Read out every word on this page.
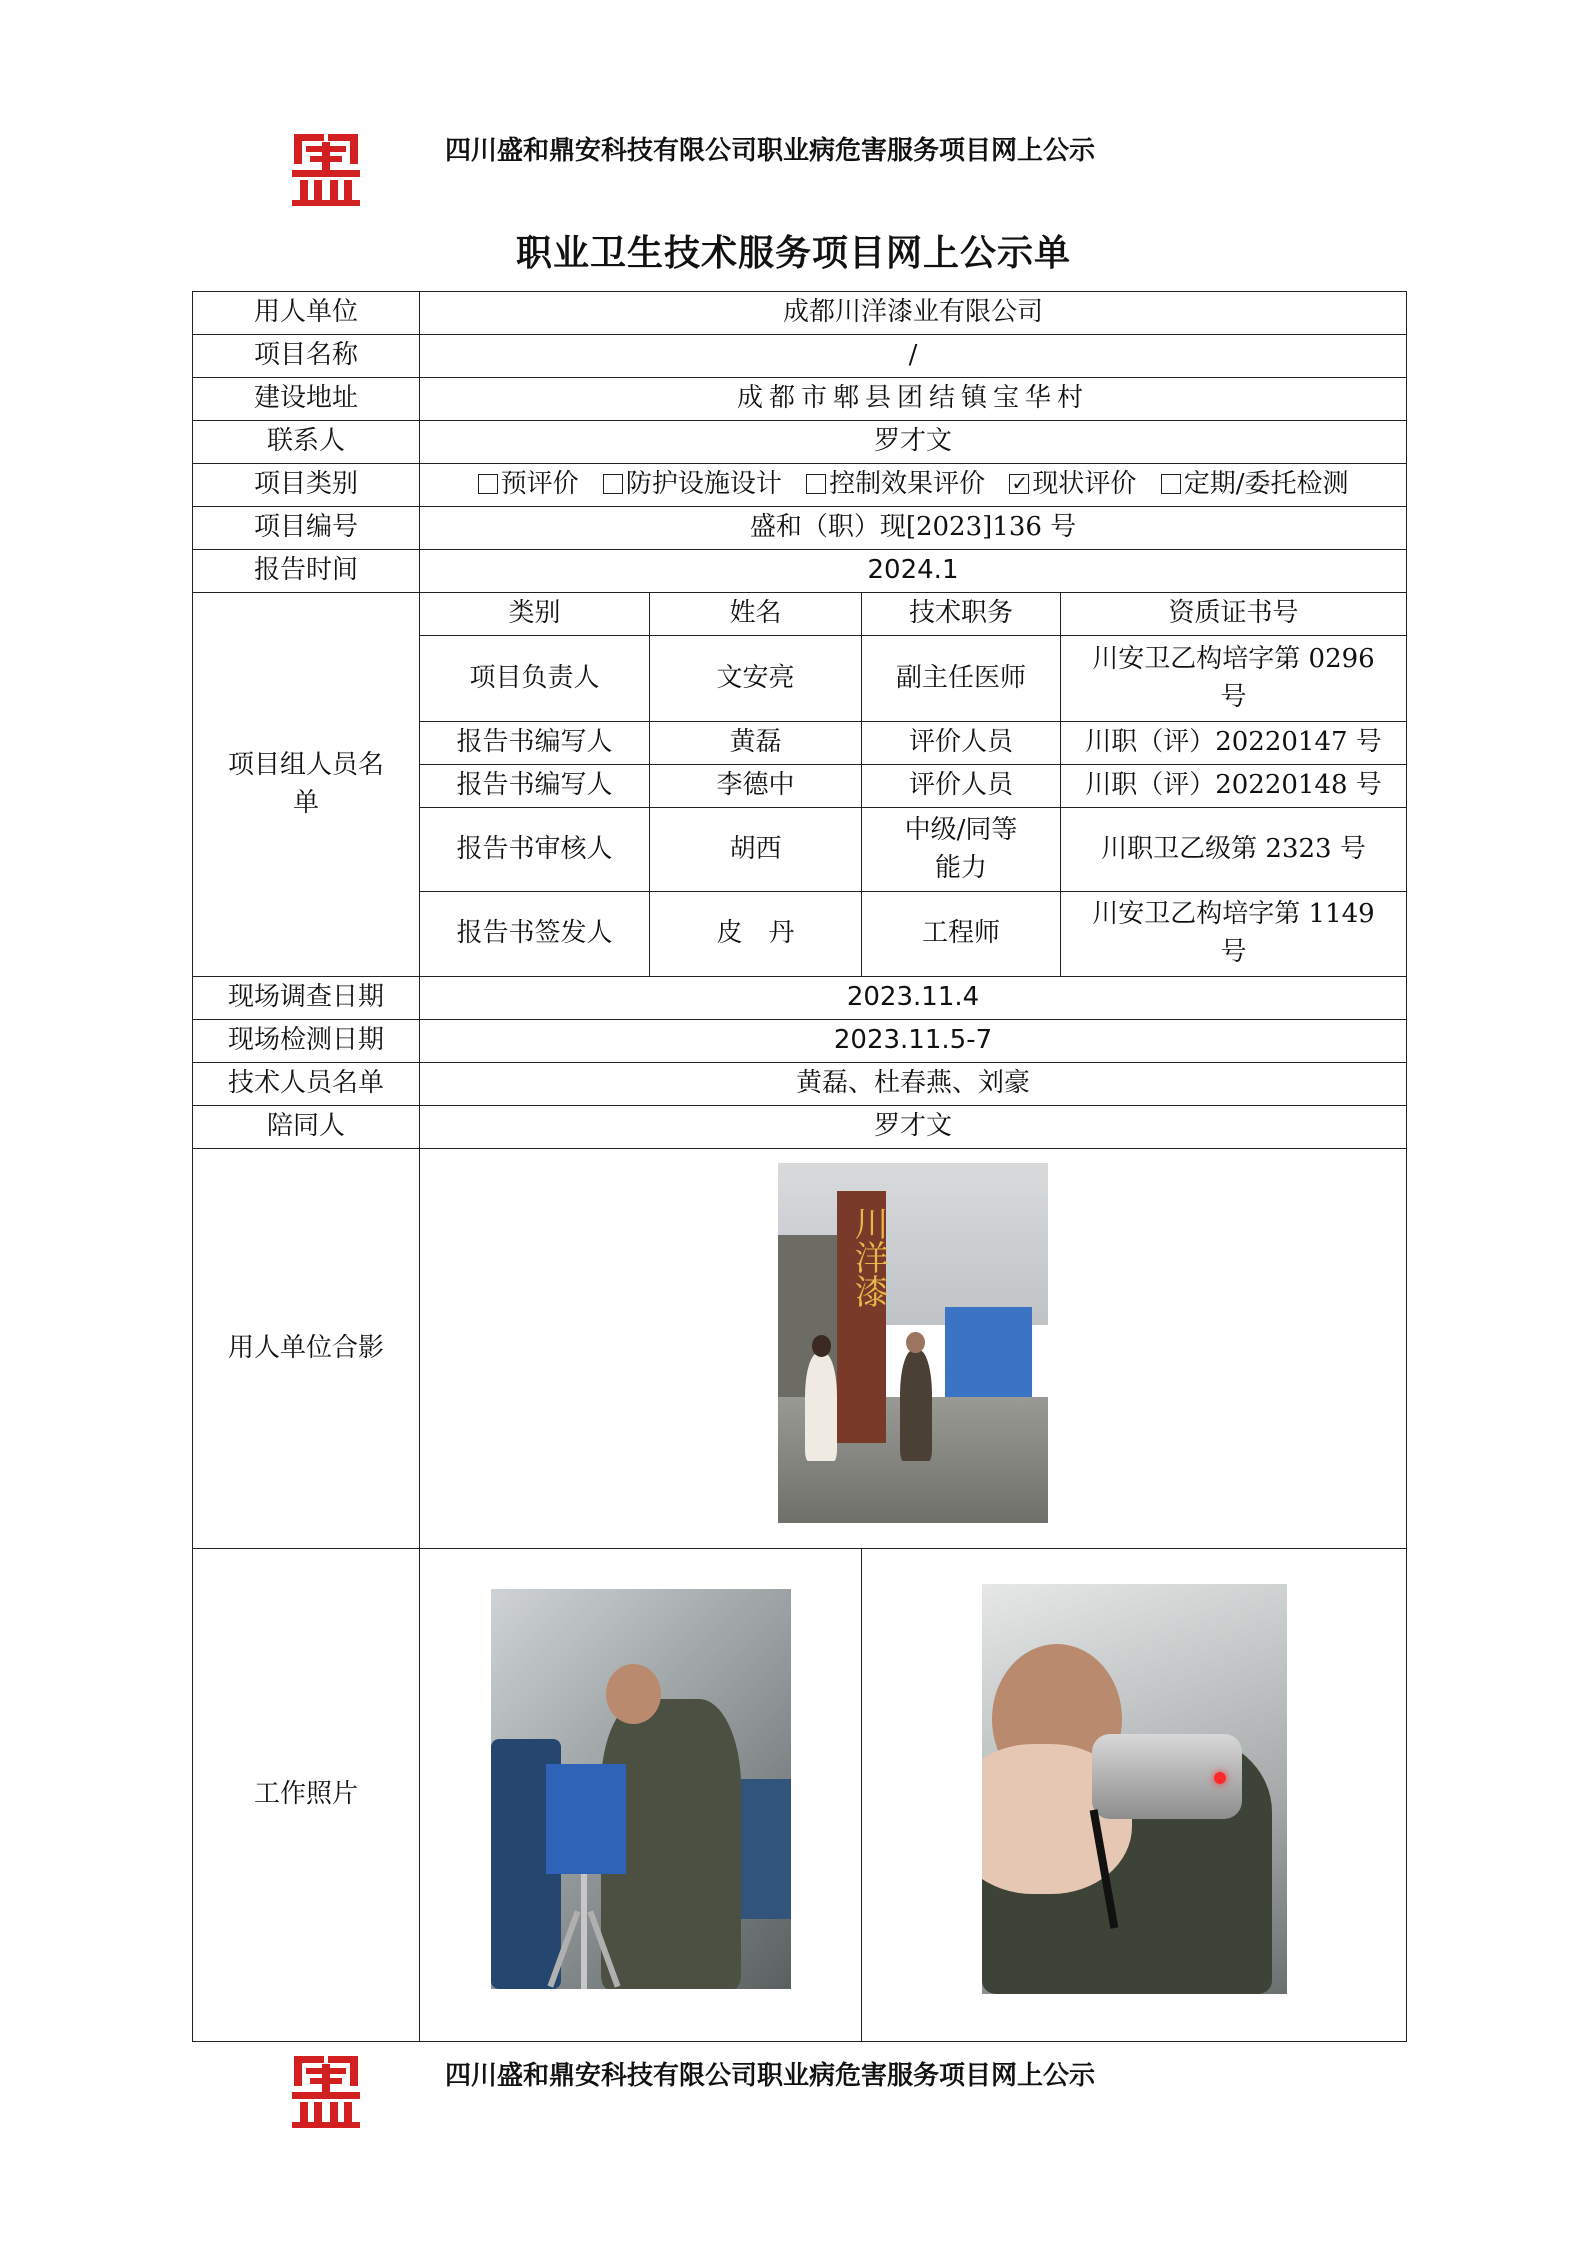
四川盛和鼎安科技有限公司职业病危害服务项目网上公示
职业卫生技术服务项目网上公示单
用人单位	成都川洋漆业有限公司			
项目名称	/			
建设地址	成都市郫县团结镇宝华村			
联系人	罗才文			
项目类别	预评价 防护设施设计 控制效果评价 ✓ 现状评价 定期/委托检测
项目编号	盛和（职）现[2023]136 号			
报告时间	2024.1			
项目组人员名单	类别	姓名	技术职务	资质证书号
	项目负责人	文安亮	副主任医师	川安卫乙构培字第 0296 号
	报告书编写人	黄磊	评价人员	川职（评）20220147 号
	报告书编写人	李德中	评价人员	川职（评）20220148 号
	报告书审核人	胡西	中级/同等能力	川职卫乙级第 2323 号
	报告书签发人	皮　丹	工程师	川安卫乙构培字第 1149 号
现场调查日期	2023.11.4			
现场检测日期	2023.11.5-7			
技术人员名单	黄磊、杜春燕、刘豪			
陪同人	罗才文			
用人单位合影	川洋漆			

工作照片			

四川盛和鼎安科技有限公司职业病危害服务项目网上公示
